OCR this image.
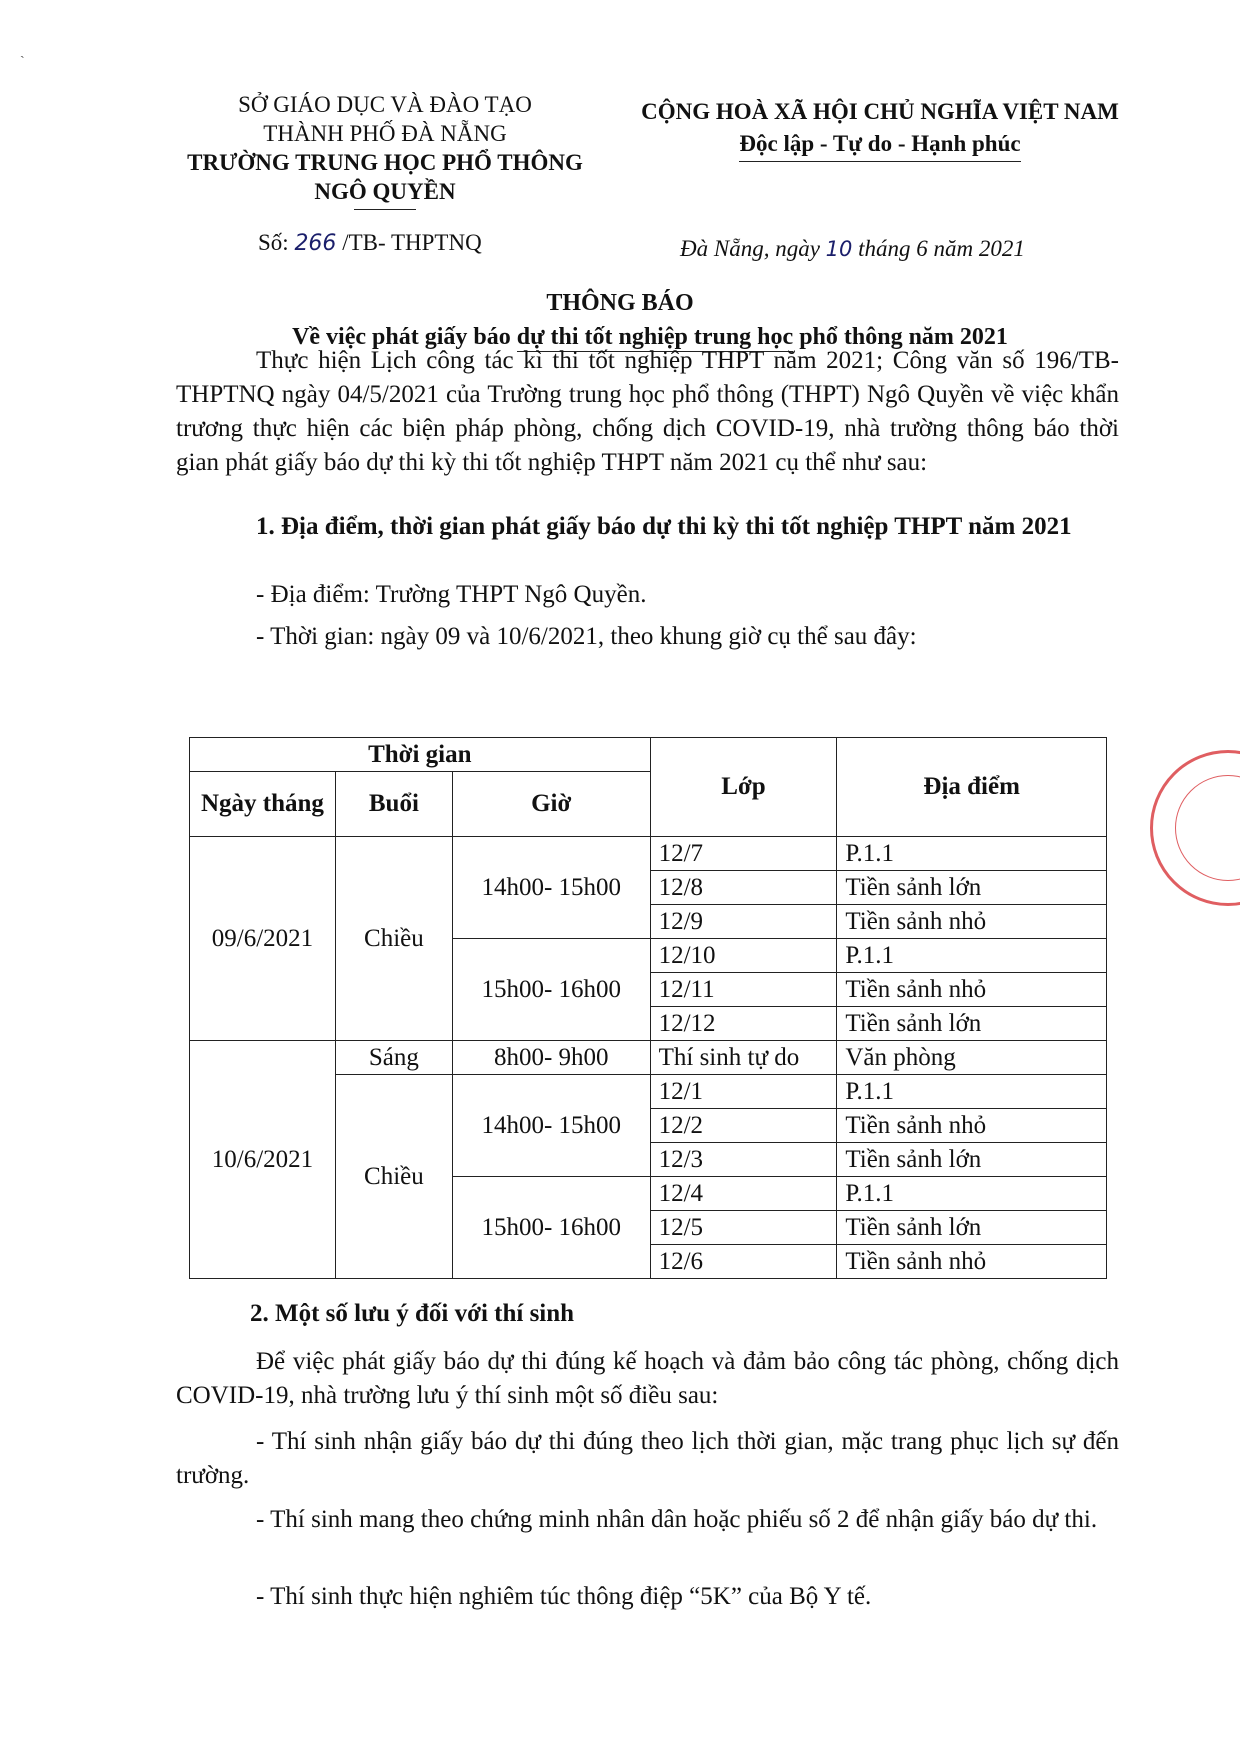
ˎ
SỞ GIÁO DỤC VÀ ĐÀO TẠO
THÀNH PHỐ ĐÀ NẴNG
TRƯỜNG TRUNG HỌC PHỔ THÔNG
NGÔ QUYỀN
CỘNG HOÀ XÃ HỘI CHỦ NGHĨA VIỆT NAM
Độc lập - Tự do - Hạnh phúc
Số: 266 /TB- THPTNQ	Đà Nẵng, ngày 10 tháng 6 năm 2021
THÔNG BÁO
Về việc phát giấy báo dự thi tốt nghiệp trung học phổ thông năm 2021

Thực hiện Lịch công tác kì thi tốt nghiệp THPT năm 2021; Công văn số 196/TB-THPTNQ ngày 04/5/2021 của Trường trung học phổ thông (THPT) Ngô Quyền về việc khẩn trương thực hiện các biện pháp phòng, chống dịch COVID-19, nhà trường thông báo thời gian phát giấy báo dự thi kỳ thi tốt nghiệp THPT năm 2021 cụ thể như sau:

1. Địa điểm, thời gian phát giấy báo dự thi kỳ thi tốt nghiệp THPT năm 2021

- Địa điểm: Trường THPT Ngô Quyền.

- Thời gian: ngày 09 và 10/6/2021, theo khung giờ cụ thể sau đây:

Thời gian			Lớp	Địa điểm
Ngày tháng	Buổi	Giờ		
09/6/2021	Chiều	14h00- 15h00	12/7	P.1.1
			12/8	Tiền sảnh lớn
			12/9	Tiền sảnh nhỏ
		15h00- 16h00	12/10	P.1.1
			12/11	Tiền sảnh nhỏ
			12/12	Tiền sảnh lớn
10/6/2021	Sáng	8h00- 9h00	Thí sinh tự do	Văn phòng
	Chiều	14h00- 15h00	12/1	P.1.1
			12/2	Tiền sảnh nhỏ
			12/3	Tiền sảnh lớn
		15h00- 16h00	12/4	P.1.1
			12/5	Tiền sảnh lớn
			12/6	Tiền sảnh nhỏ

2. Một số lưu ý đối với thí sinh

Để việc phát giấy báo dự thi đúng kế hoạch và đảm bảo công tác phòng, chống dịch COVID-19, nhà trường lưu ý thí sinh một số điều sau:

- Thí sinh nhận giấy báo dự thi đúng theo lịch thời gian, mặc trang phục lịch sự đến trường.

- Thí sinh mang theo chứng minh nhân dân hoặc phiếu số 2 để nhận giấy báo dự thi.

- Thí sinh thực hiện nghiêm túc thông điệp “5K” của Bộ Y tế.
